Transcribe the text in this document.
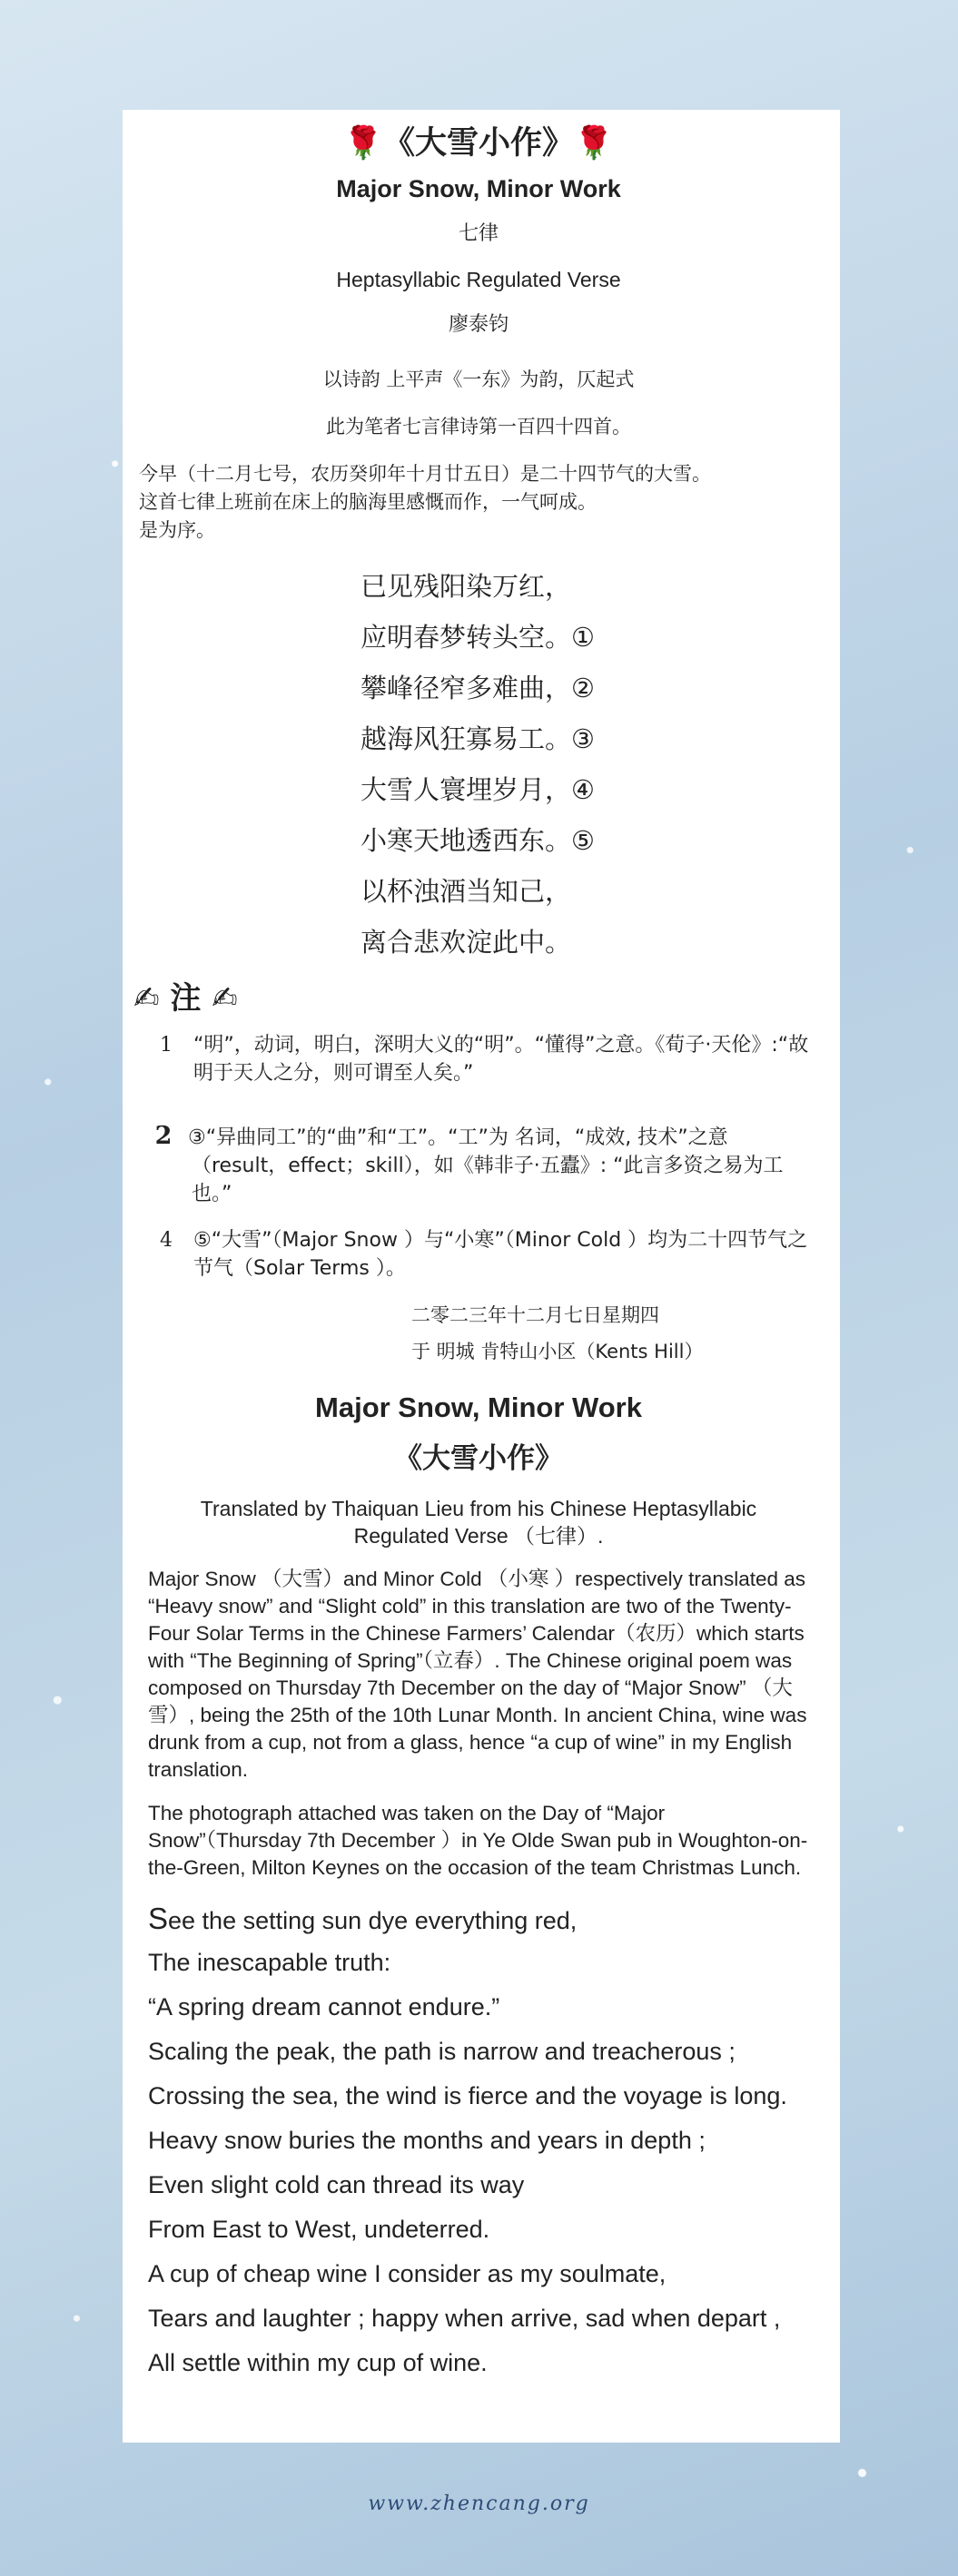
🌹《大雪小作》🌹
Major Snow, Minor Work
七律
Heptasyllabic Regulated Verse
廖泰钧
以诗韵 上平声《一东》为韵，仄起式
此为笔者七言律诗第一百四十四首。
今早（十二月七号，农历癸卯年十月廿五日）是二十四节气的大雪。
这首七律上班前在床上的脑海里感慨而作，一气呵成。
是为序。
已见残阳染万红，
应明春梦转头空。①
攀峰径窄多难曲，②
越海风狂寡易工。③
大雪人寰埋岁月，④
小寒天地透西东。⑤
以杯浊酒当知己，
离合悲欢淀此中。
✍ 注 ✍
1	“明”，动词，明白，深明大义的“明”。“懂得”之意。《荀子·天伦》:“故明于天人之分，则可谓至人矣。”
2 ③“异曲同工”的“曲”和“工”。“工”为 名词，“成效, 技术”之意（result，effect；skill），如《韩非子·五蠹》: “此言多资之易为工也。”
4	⑤“大雪”（Major Snow ）与“小寒”（Minor Cold ）均为二十四节气之节气（Solar Terms ）。
二零二三年十二月七日星期四
于 明城 肯特山小区（Kents Hill）
Major Snow, Minor Work
《大雪小作》
Translated by Thaiquan Lieu from his Chinese Heptasyllabic Regulated Verse （七律）.
Major Snow （大雪）and Minor Cold （小寒 ）respectively translated as “Heavy snow” and “Slight cold” in this translation are two of the Twenty-Four Solar Terms in the Chinese Farmers’ Calendar（农历）which starts with “The Beginning of Spring”（立春）. The Chinese original poem was composed on Thursday 7th December on the day of “Major Snow” （大雪）, being the 25th of the 10th Lunar Month. In ancient China, wine was drunk from a cup, not from a glass, hence “a cup of wine” in my English translation.
The photograph attached was taken on the Day of “Major Snow”（Thursday 7th December ）in Ye Olde Swan pub in Woughton-on-the-Green, Milton Keynes on the occasion of the team Christmas Lunch.
See the setting sun dye everything red,
The inescapable truth:
“A spring dream cannot endure.”
Scaling the peak, the path is narrow and treacherous ;
Crossing the sea, the wind is fierce and the voyage is long.
Heavy snow buries the months and years in depth ;
Even slight cold can thread its way
From East to West, undeterred.
A cup of cheap wine I consider as my soulmate,
Tears and laughter ; happy when arrive, sad when depart ,
All settle within my cup of wine.
www.zhencang.org
